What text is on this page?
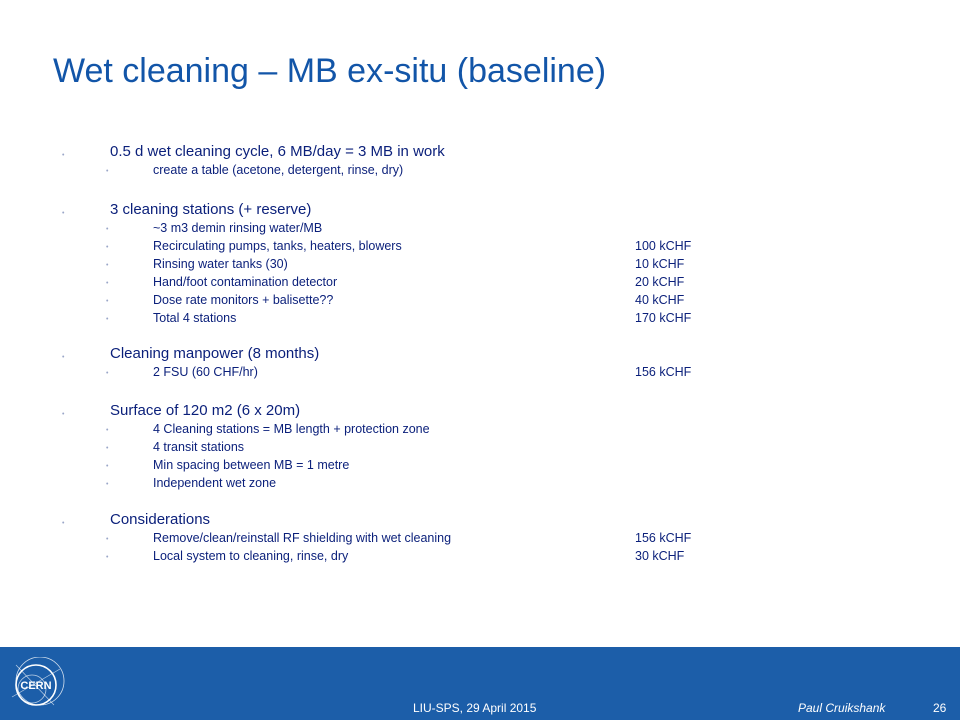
Wet cleaning – MB ex-situ (baseline)
•	0.5 d wet cleaning cycle, 6 MB/day = 3 MB in work
•	create a table (acetone, detergent, rinse, dry)
•	3 cleaning stations (+ reserve)
•	~3 m3 demin rinsing water/MB
•	Recirculating pumps, tanks, heaters, blowers	100 kCHF
•	Rinsing water tanks (30)	10 kCHF
•	Hand/foot contamination detector	20 kCHF
•	Dose rate monitors + balisette??	40 kCHF
•	Total 4 stations	170 kCHF
•	Cleaning manpower (8 months)
•	2 FSU (60 CHF/hr)	156 kCHF
•	Surface of 120 m2 (6 x 20m)
•	4 Cleaning stations = MB length + protection zone
•	4 transit stations
•	Min spacing between MB = 1 metre
•	Independent wet zone
•	Considerations
•	Remove/clean/reinstall RF shielding with wet cleaning	156 kCHF
•	Local system to cleaning, rinse, dry	30 kCHF
CERN
LIU-SPS, 29 April 2015	Paul Cruikshank	26
